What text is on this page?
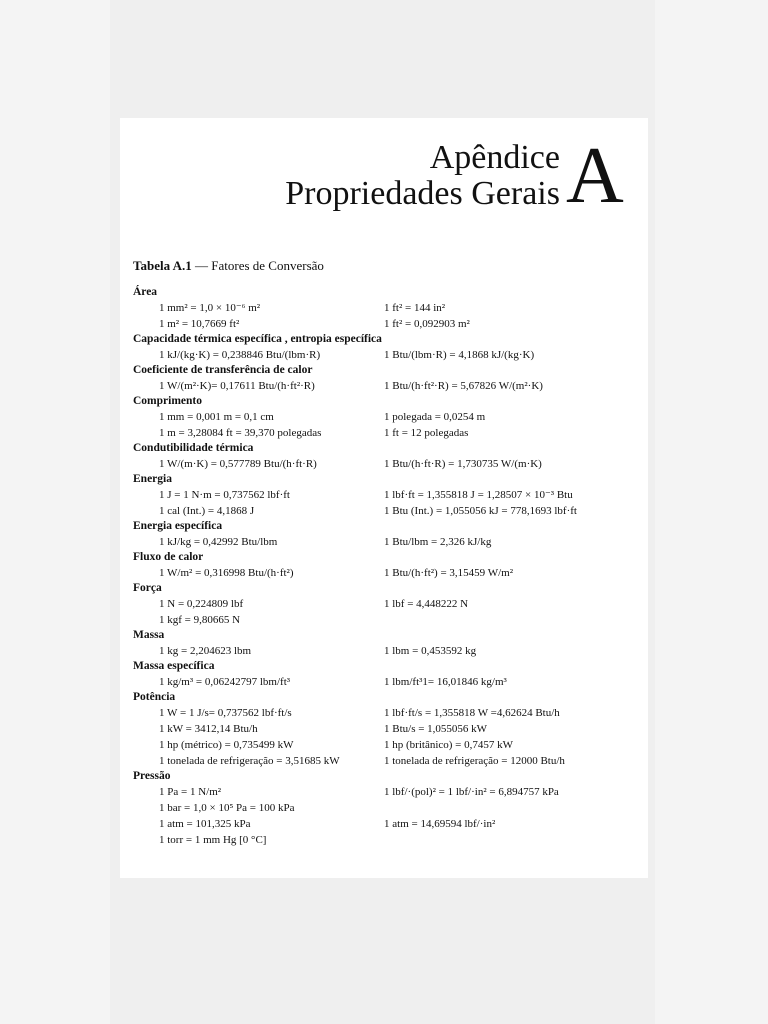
Apêndice
Propriedades Gerais A
Tabela A.1 — Fatores de Conversão
Área
1 mm² = 1,0 × 10⁻⁶ m²	1 ft² = 144 in²
1 m² = 10,7669 ft²	1 ft² = 0,092903 m²
Capacidade térmica específica , entropia específica
1 kJ/(kg·K) = 0,238846 Btu/(lbm·R)	1 Btu/(lbm·R) = 4,1868 kJ/(kg·K)
Coeficiente de transferência de calor
1 W/(m²·K)= 0,17611 Btu/(h·ft²·R)	1 Btu/(h·ft²·R) = 5,67826 W/(m²·K)
Comprimento
1 mm = 0,001 m = 0,1 cm	1 polegada = 0,0254 m
1 m = 3,28084 ft = 39,370 polegadas	1 ft = 12 polegadas
Condutibilidade térmica
1 W/(m·K) = 0,577789 Btu/(h·ft·R)	1 Btu/(h·ft·R) = 1,730735 W/(m·K)
Energia
1 J = 1 N·m = 0,737562 lbf·ft	1 lbf·ft = 1,355818 J = 1,28507 × 10⁻³ Btu
1 cal (Int.) = 4,1868 J	1 Btu (Int.) = 1,055056 kJ = 778,1693 lbf·ft
Energia específica
1 kJ/kg = 0,42992 Btu/lbm	1 Btu/lbm = 2,326 kJ/kg
Fluxo de calor
1 W/m² = 0,316998 Btu/(h·ft²)	1 Btu/(h·ft²) = 3,15459 W/m²
Força
1 N = 0,224809 lbf	1 lbf = 4,448222 N
1 kgf = 9,80665 N
Massa
1 kg = 2,204623 lbm	1 lbm = 0,453592 kg
Massa específica
1 kg/m³ = 0,06242797 lbm/ft³	1 lbm/ft³1= 16,01846 kg/m³
Potência
1 W = 1 J/s= 0,737562 lbf·ft/s	1 lbf·ft/s = 1,355818 W =4,62624 Btu/h
1 kW = 3412,14 Btu/h	1 Btu/s = 1,055056 kW
1 hp (métrico) = 0,735499 kW	1 hp (britânico) = 0,7457 kW
1 tonelada de refrigeração = 3,51685 kW	1 tonelada de refrigeração = 12000 Btu/h
Pressão
1 Pa = 1 N/m²	1 lbf/·(pol)² = 1 lbf/·in² = 6,894757 kPa
1 bar = 1,0 × 10⁵ Pa = 100 kPa
1 atm = 101,325 kPa	1 atm = 14,69594 lbf/·in²
1 torr = 1 mm Hg [0 °C]
